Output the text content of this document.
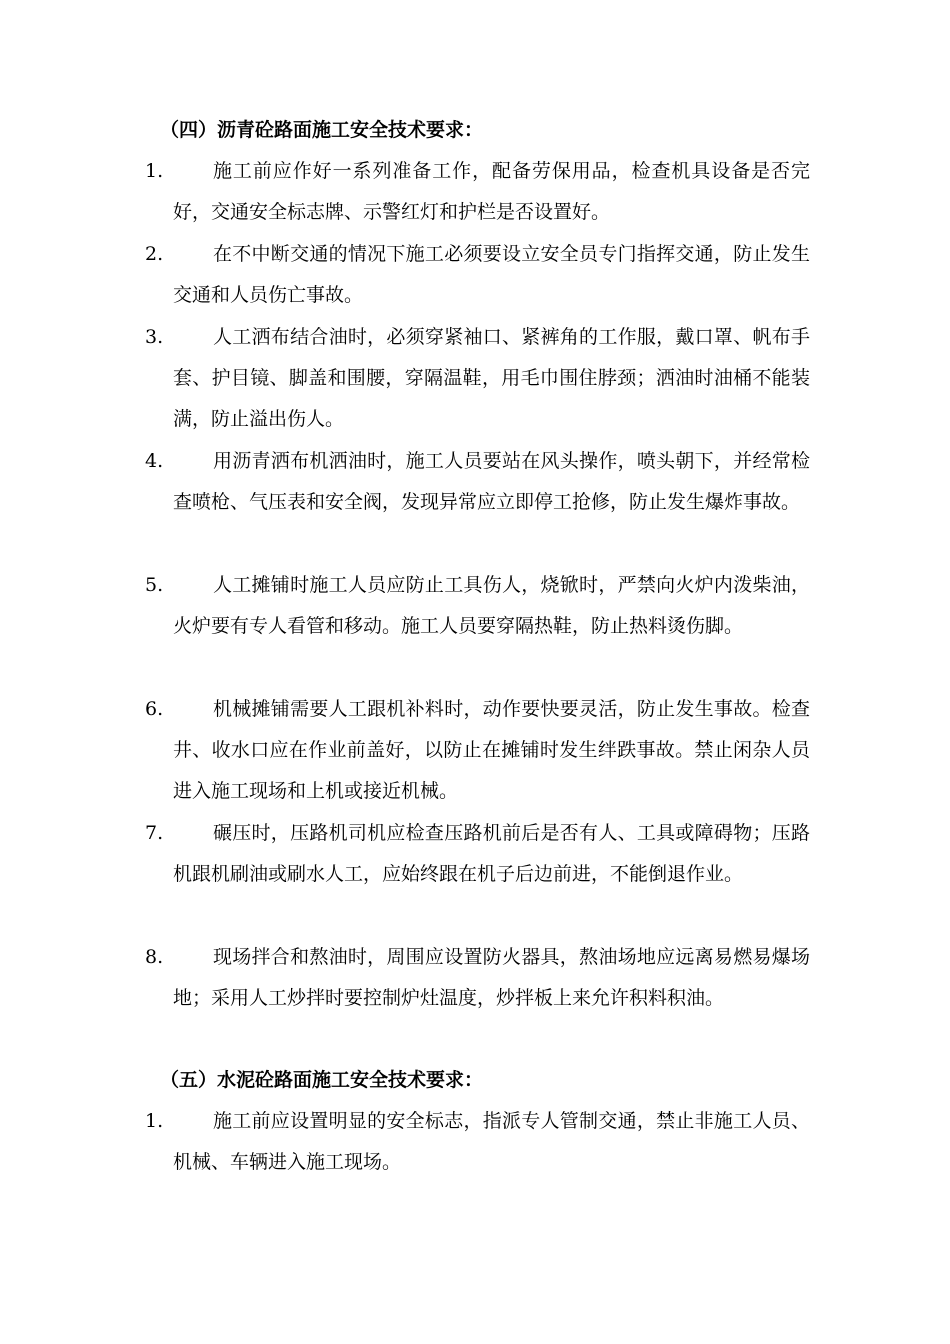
（四）沥青砼路面施工安全技术要求：
1.	施工前应作好一系列准备工作，配备劳保用品，检查机具设备是否完好，交通安全标志牌、示警红灯和护栏是否设置好。
2.	在不中断交通的情况下施工必须要设立安全员专门指挥交通，防止发生交通和人员伤亡事故。
3.	人工洒布结合油时，必须穿紧袖口、紧裤角的工作服，戴口罩、帆布手套、护目镜、脚盖和围腰，穿隔温鞋，用毛巾围住脖颈；洒油时油桶不能装满，防止溢出伤人。
4.	用沥青洒布机洒油时，施工人员要站在风头操作，喷头朝下，并经常检查喷枪、气压表和安全阀，发现异常应立即停工抢修，防止发生爆炸事故。
5.	人工摊铺时施工人员应防止工具伤人，烧锨时，严禁向火炉内泼柴油，火炉要有专人看管和移动。施工人员要穿隔热鞋，防止热料烫伤脚。
6.	机械摊铺需要人工跟机补料时，动作要快要灵活，防止发生事故。检查井、收水口应在作业前盖好，以防止在摊铺时发生绊跌事故。禁止闲杂人员进入施工现场和上机或接近机械。
7.	碾压时，压路机司机应检查压路机前后是否有人、工具或障碍物；压路机跟机刷油或刷水人工，应始终跟在机子后边前进，不能倒退作业。
8.	现场拌合和熬油时，周围应设置防火器具，熬油场地应远离易燃易爆场地；采用人工炒拌时要控制炉灶温度，炒拌板上来允许积料积油。
（五）水泥砼路面施工安全技术要求：
1.	施工前应设置明显的安全标志，指派专人管制交通，禁止非施工人员、机械、车辆进入施工现场。
